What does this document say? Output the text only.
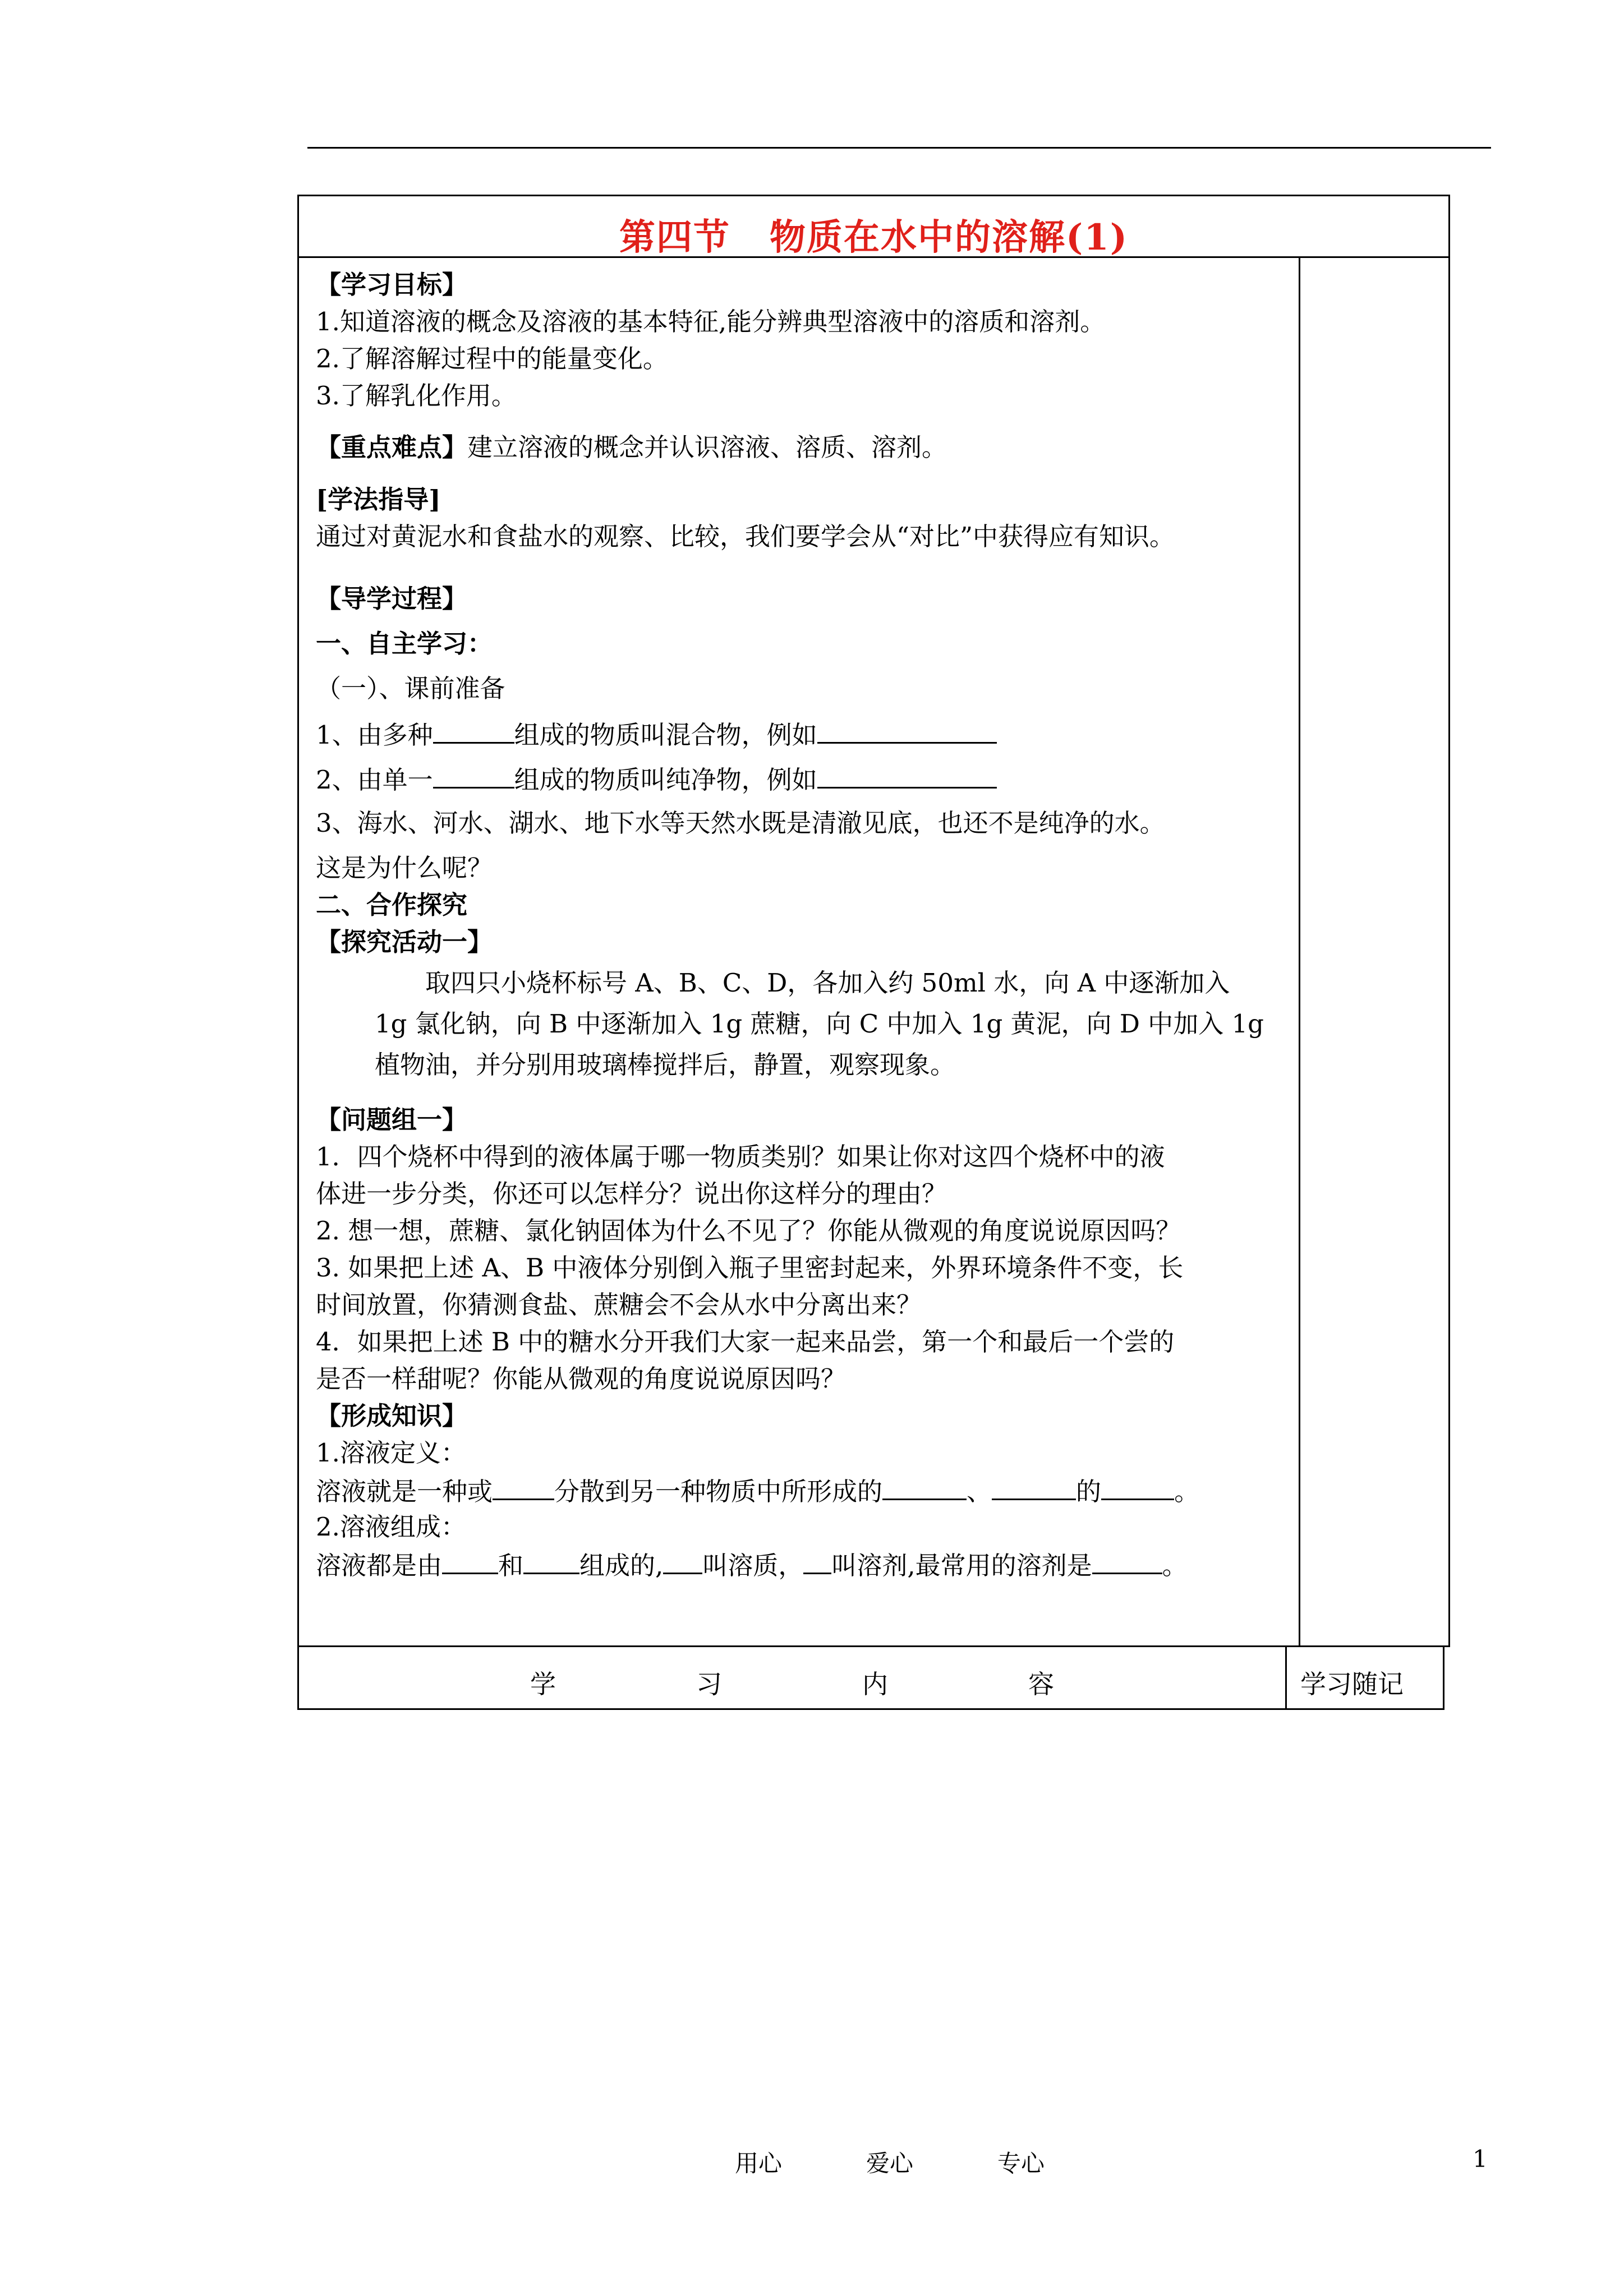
第四节 物质在水中的溶解(1)
【学习目标】
1.知道溶液的概念及溶液的基本特征,能分辨典型溶液中的溶质和溶剂。
2.了解溶解过程中的能量变化。
3.了解乳化作用。
【重点难点】建立溶液的概念并认识溶液、溶质、溶剂。
[学法指导]
通过对黄泥水和食盐水的观察、比较，我们要学会从“对比”中获得应有知识。
【导学过程】
一、自主学习：
（一）、课前准备
1、由多种	组成的物质叫混合物，例如
2、由单一	组成的物质叫纯净物，例如
3、海水、河水、湖水、地下水等天然水既是清澈见底，也还不是纯净的水。
这是为什么呢？
二、合作探究
【探究活动一】
取四只小烧杯标号 A、B、C、D，各加入约 50ml 水，向 A 中逐渐加入
1g 氯化钠，向 B 中逐渐加入 1g 蔗糖，向 C 中加入 1g 黄泥，向 D 中加入 1g
植物油，并分别用玻璃棒搅拌后，静置，观察现象。
【问题组一】
1．四个烧杯中得到的液体属于哪一物质类别？如果让你对这四个烧杯中的液
体进一步分类，你还可以怎样分？说出你这样分的理由？
2. 想一想，蔗糖、氯化钠固体为什么不见了？你能从微观的角度说说原因吗？
3. 如果把上述 A、B 中液体分别倒入瓶子里密封起来，外界环境条件不变，长
时间放置，你猜测食盐、蔗糖会不会从水中分离出来？
4．如果把上述 B 中的糖水分开我们大家一起来品尝，第一个和最后一个尝的
是否一样甜呢？你能从微观的角度说说原因吗？
【形成知识】
1.溶液定义：
溶液就是一种或 分散到另一种物质中所形成的	、	的	。
2.溶液组成：
溶液都是由 和 组成的, 叫溶质， 叫溶剂,最常用的溶剂是	。
学	习	内	容	学习随记
用心	爱心	专心	1
